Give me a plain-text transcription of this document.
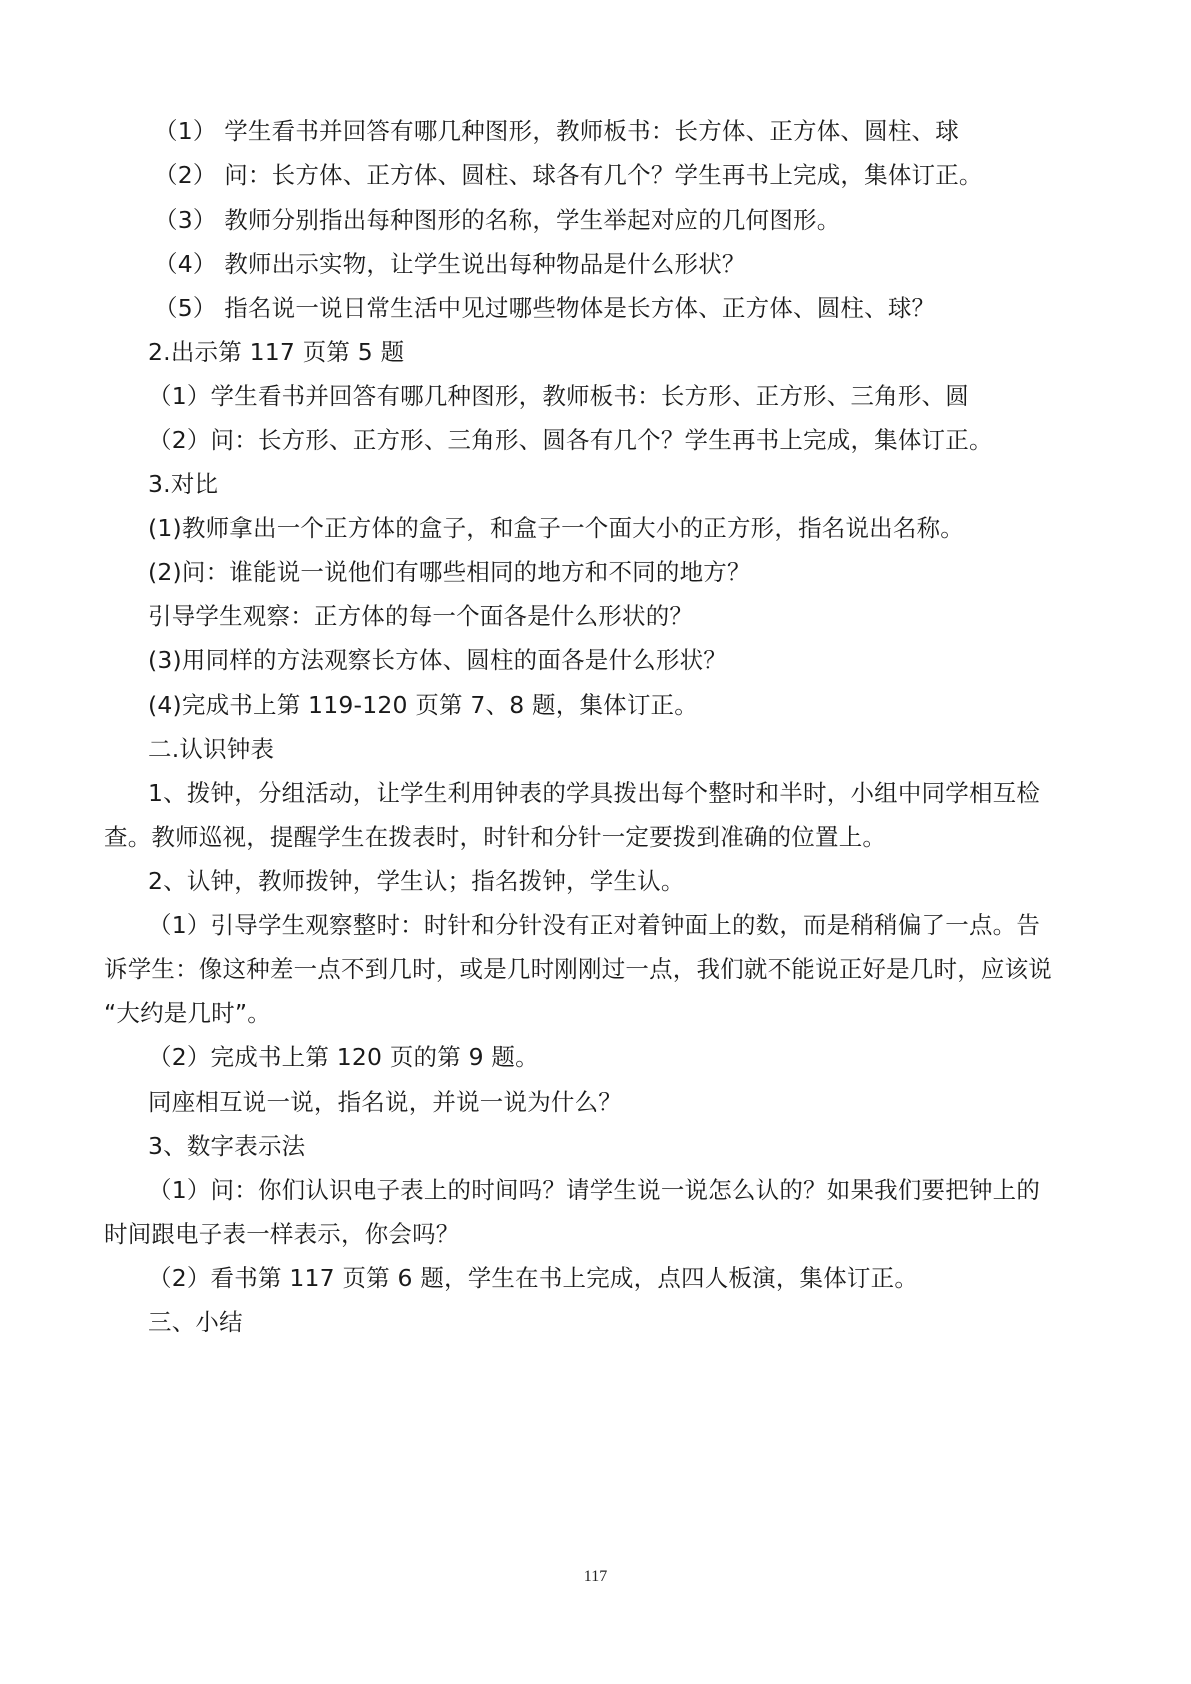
（1） 学生看书并回答有哪几种图形，教师板书：长方体、正方体、圆柱、球
（2） 问：长方体、正方体、圆柱、球各有几个？学生再书上完成，集体订正。
（3） 教师分别指出每种图形的名称，学生举起对应的几何图形。
（4） 教师出示实物，让学生说出每种物品是什么形状？
（5） 指名说一说日常生活中见过哪些物体是长方体、正方体、圆柱、球？
2.出示第 117 页第 5 题
（1）学生看书并回答有哪几种图形，教师板书：长方形、正方形、三角形、圆
（2）问：长方形、正方形、三角形、圆各有几个？学生再书上完成，集体订正。
3.对比
(1)教师拿出一个正方体的盒子，和盒子一个面大小的正方形，指名说出名称。
(2)问：谁能说一说他们有哪些相同的地方和不同的地方？
引导学生观察：正方体的每一个面各是什么形状的？
(3)用同样的方法观察长方体、圆柱的面各是什么形状？
(4)完成书上第 119-120 页第 7、8 题，集体订正。
二.认识钟表
1、拨钟，分组活动，让学生利用钟表的学具拨出每个整时和半时，小组中同学相互检
查。教师巡视，提醒学生在拨表时，时针和分针一定要拨到准确的位置上。
2、认钟，教师拨钟，学生认；指名拨钟，学生认。
（1）引导学生观察整时：时针和分针没有正对着钟面上的数，而是稍稍偏了一点。告
诉学生：像这种差一点不到几时，或是几时刚刚过一点，我们就不能说正好是几时，应该说
“大约是几时”。
（2）完成书上第 120 页的第 9 题。
同座相互说一说，指名说，并说一说为什么？
3、数字表示法
（1）问：你们认识电子表上的时间吗？请学生说一说怎么认的？如果我们要把钟上的
时间跟电子表一样表示，你会吗？
（2）看书第 117 页第 6 题，学生在书上完成，点四人板演，集体订正。
三、小结
117
